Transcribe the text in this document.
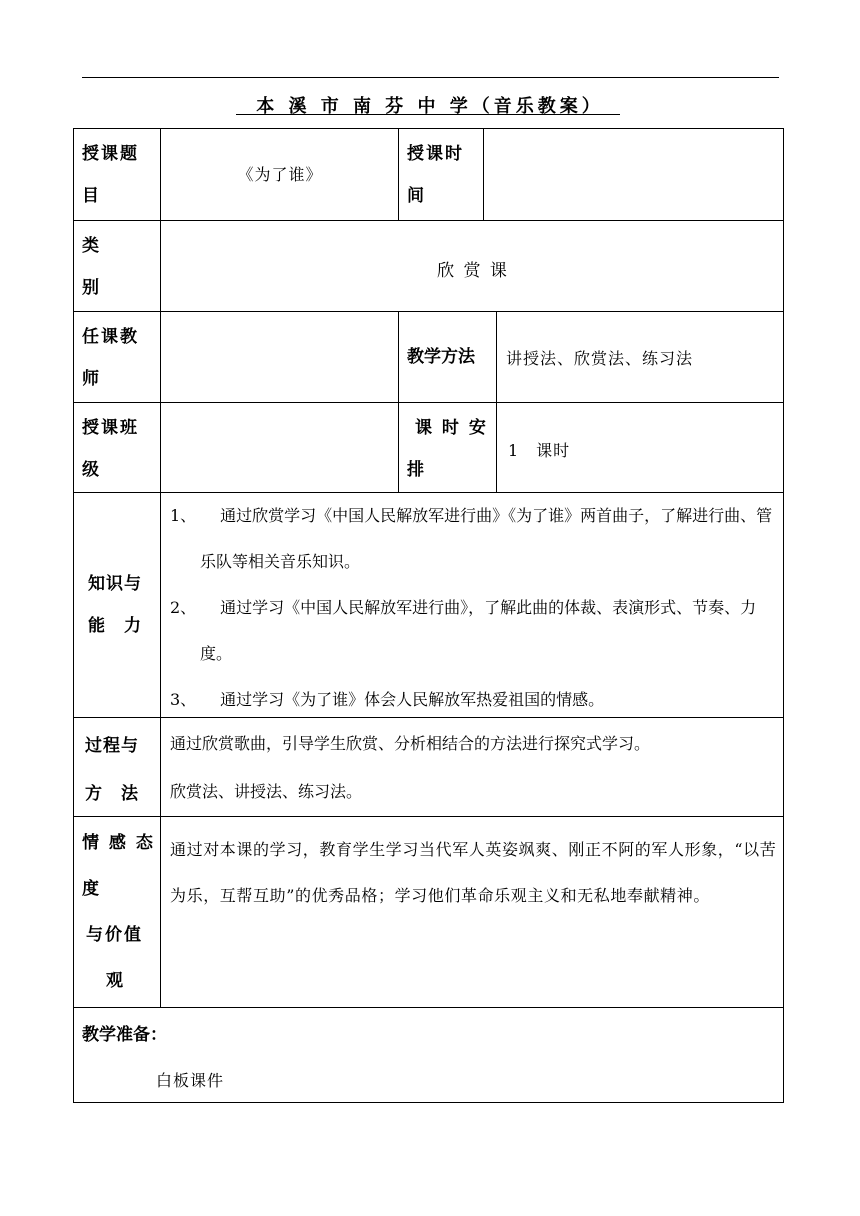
本 溪 市 南 芬 中 学（音乐教案）
授课题
目
《为了谁》
授课时
间
类
别
欣 赏 课
任课教
师
教学方法 讲授法、欣赏法、练习法
授课班
级
课 时 安
排
1　课时
知识与
能　力

1、　　通过欣赏学习《中国人民解放军进行曲》《为了谁》两首曲子，了解进行曲、管乐队等相关音乐知识。

2、　　通过学习《中国人民解放军进行曲》，了解此曲的体裁、表演形式、节奏、力度。

3、　　通过学习《为了谁》体会人民解放军热爱祖国的情感。

过程与
方　法

通过欣赏歌曲，引导学生欣赏、分析相结合的方法进行探究式学习。

欣赏法、讲授法、练习法。

情 感 态
度
与价值
观

通过对本课的学习，教育学生学习当代军人英姿飒爽、刚正不阿的军人形象，“以苦为乐，互帮互助”的优秀品格；学习他们革命乐观主义和无私地奉献精神。

教学准备：
白板课件
